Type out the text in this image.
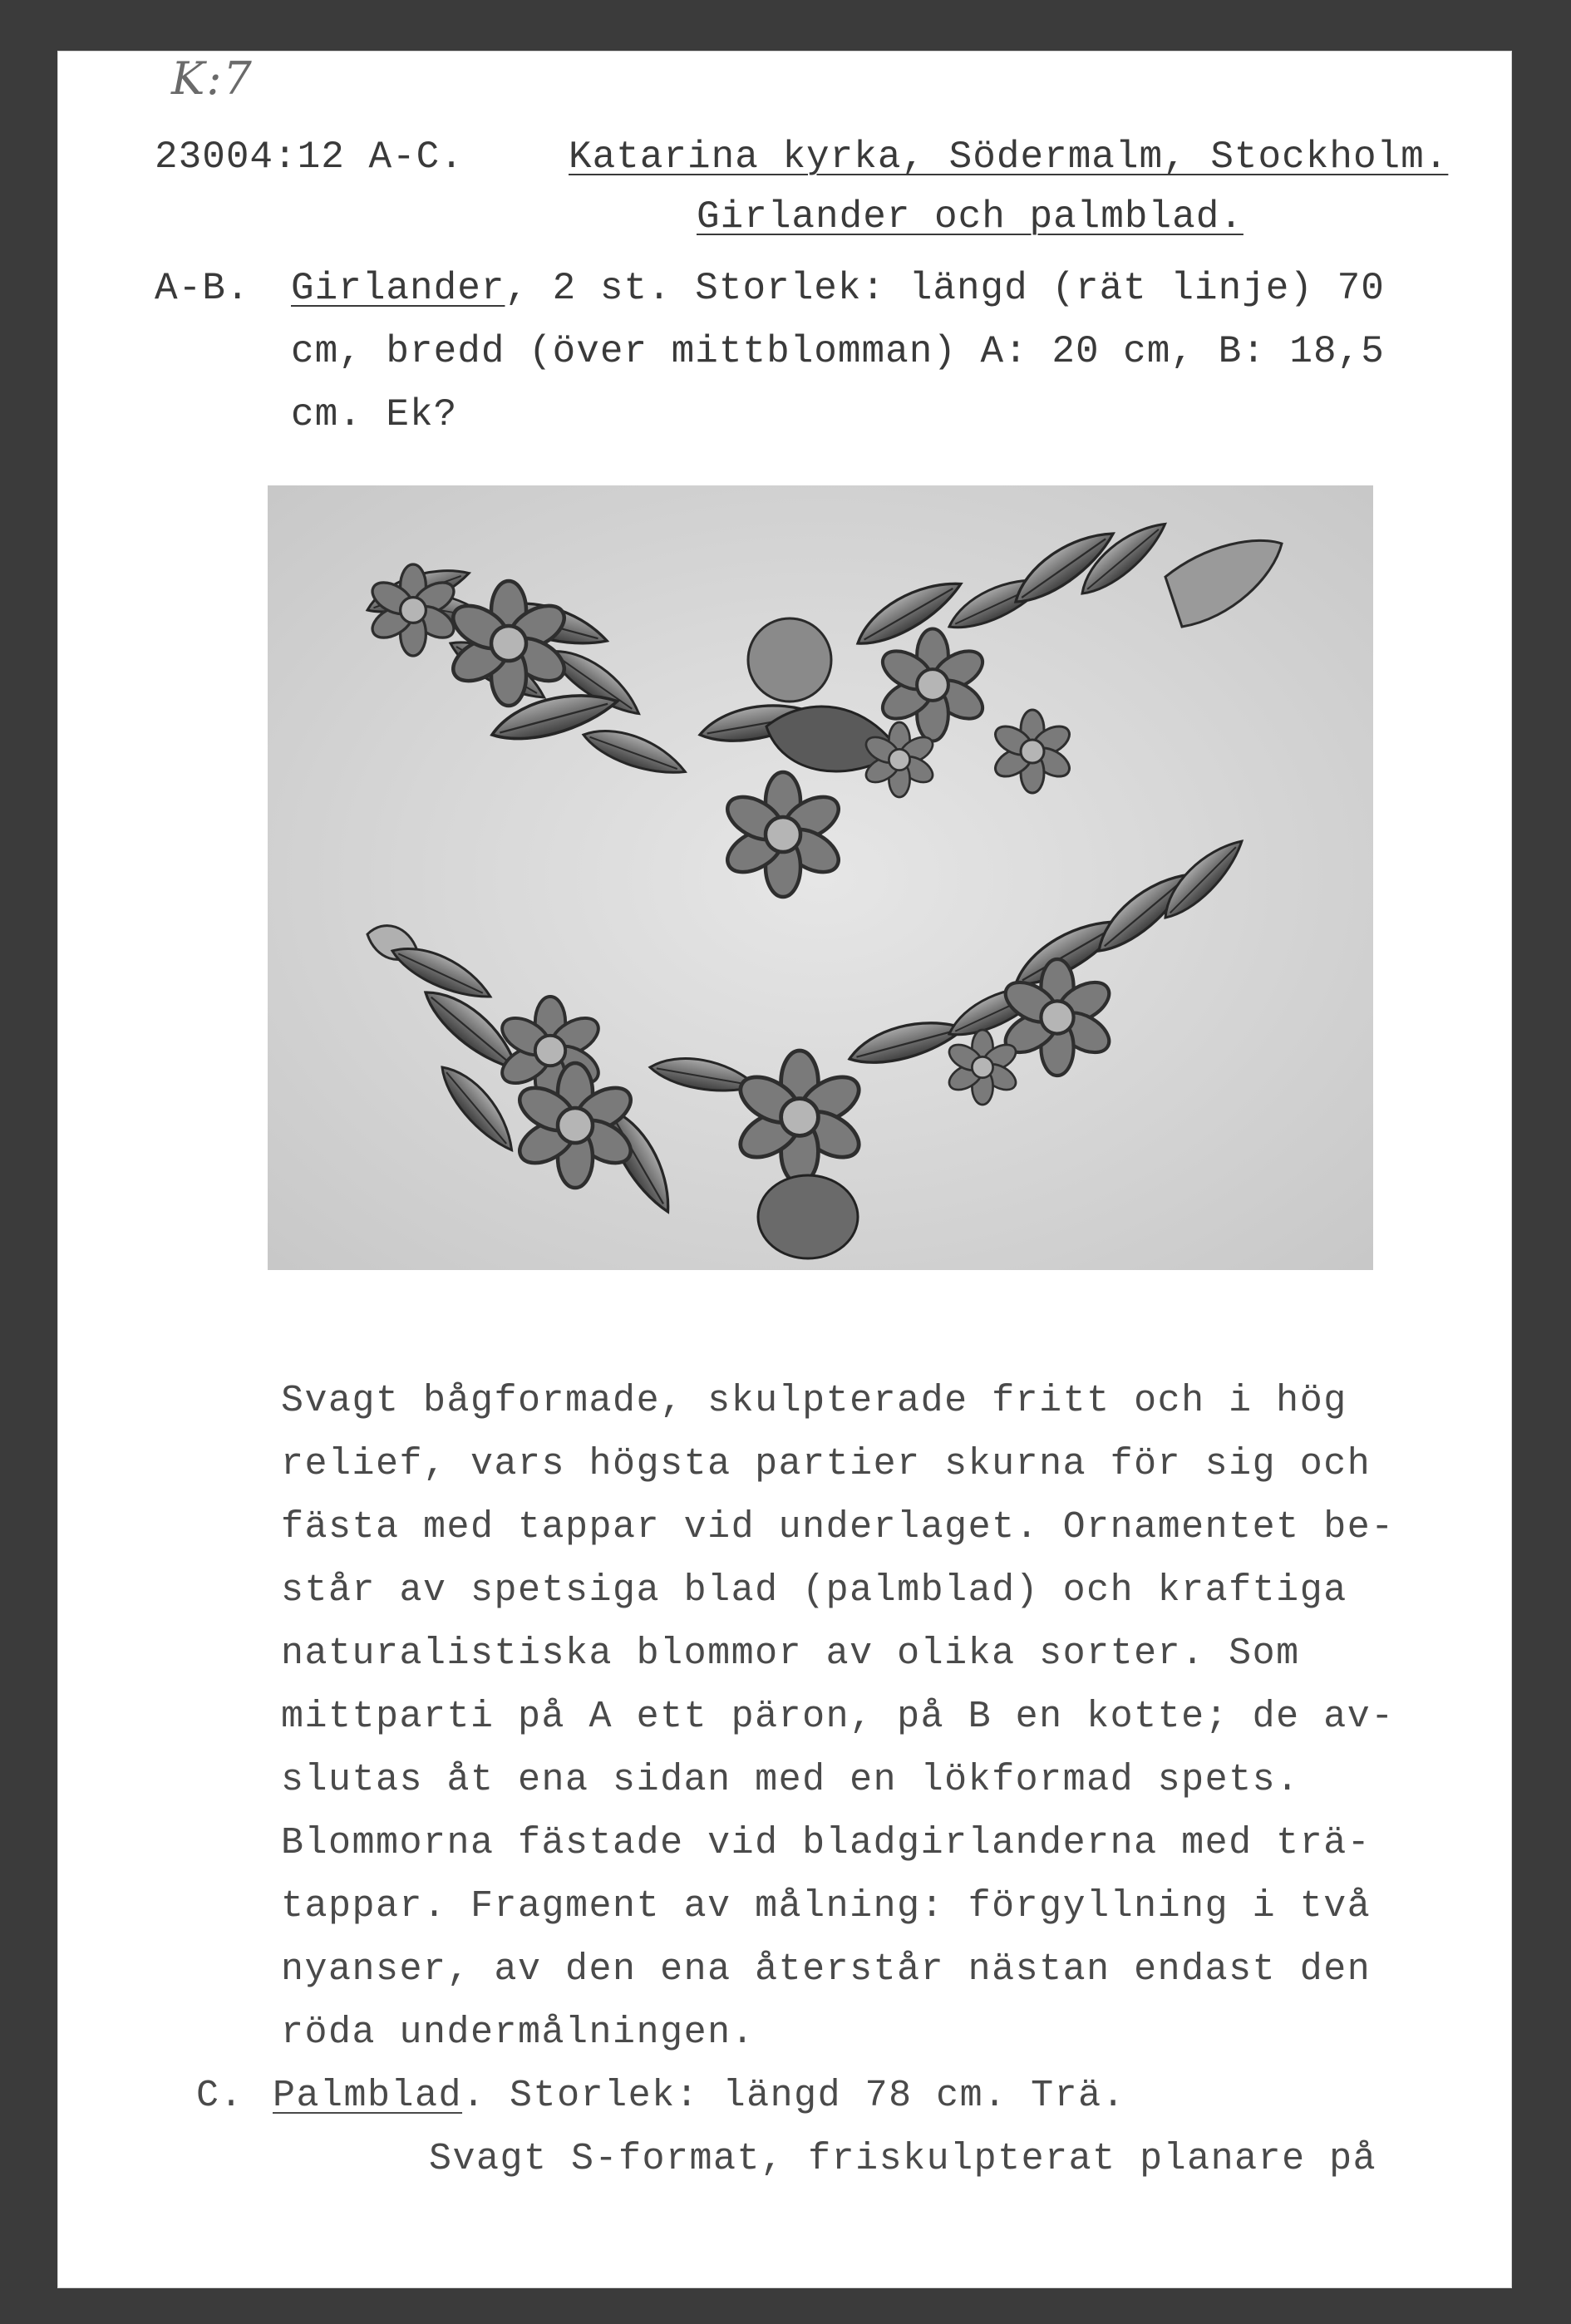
K:7
23004:12 A-C.	Katarina kyrka, Södermalm, Stockholm.
Girlander och palmblad.
A-B. Girlander, 2 st. Storlek: längd (rät linje) 70
cm, bredd (över mittblomman) A: 20 cm, B: 18,5
cm. Ek?
Svagt bågformade, skulpterade fritt och i hög
relief, vars högsta partier skurna för sig och
fästa med tappar vid underlaget. Ornamentet be-
står av spetsiga blad (palmblad) och kraftiga
naturalistiska blommor av olika sorter. Som
mittparti på A ett päron, på B en kotte; de av-
slutas åt ena sidan med en lökformad spets.
Blommorna fästade vid bladgirlanderna med trä-
tappar. Fragment av målning: förgyllning i två
nyanser, av den ena återstår nästan endast den
röda undermålningen.
C. Palmblad. Storlek: längd 78 cm. Trä.
Svagt S-format, friskulpterat planare på
